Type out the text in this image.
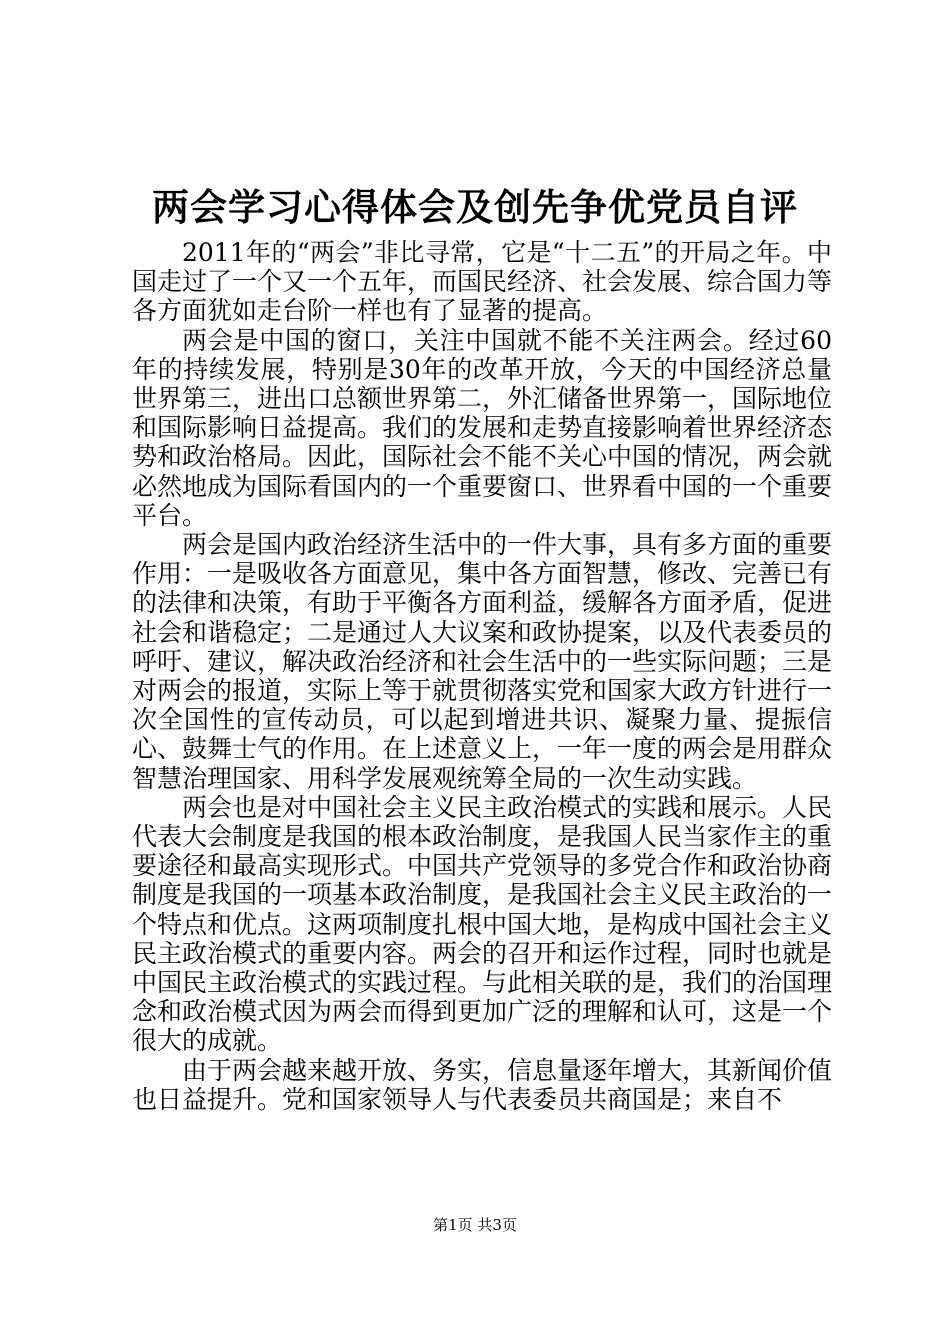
两会学习心得体会及创先争优党员自评

2011年的“两会”非比寻常，它是“十二五”的开局之年。中国走过了一个又一个五年，而国民经济、社会发展、综合国力等各方面犹如走台阶一样也有了显著的提高。

两会是中国的窗口，关注中国就不能不关注两会。经过60年的持续发展，特别是30年的改革开放，今天的中国经济总量世界第三，进出口总额世界第二，外汇储备世界第一，国际地位和国际影响日益提高。我们的发展和走势直接影响着世界经济态势和政治格局。因此，国际社会不能不关心中国的情况，两会就必然地成为国际看国内的一个重要窗口、世界看中国的一个重要平台。

两会是国内政治经济生活中的一件大事，具有多方面的重要作用：一是吸收各方面意见，集中各方面智慧，修改、完善已有的法律和决策，有助于平衡各方面利益，缓解各方面矛盾，促进社会和谐稳定；二是通过人大议案和政协提案，以及代表委员的呼吁、建议，解决政治经济和社会生活中的一些实际问题；三是对两会的报道，实际上等于就贯彻落实党和国家大政方针进行一次全国性的宣传动员，可以起到增进共识、凝聚力量、提振信心、鼓舞士气的作用。在上述意义上，一年一度的两会是用群众智慧治理国家、用科学发展观统筹全局的一次生动实践。

两会也是对中国社会主义民主政治模式的实践和展示。人民代表大会制度是我国的根本政治制度，是我国人民当家作主的重要途径和最高实现形式。中国共产党领导的多党合作和政治协商制度是我国的一项基本政治制度，是我国社会主义民主政治的一个特点和优点。这两项制度扎根中国大地，是构成中国社会主义民主政治模式的重要内容。两会的召开和运作过程，同时也就是中国民主政治模式的实践过程。与此相关联的是，我们的治国理念和政治模式因为两会而得到更加广泛的理解和认可，这是一个很大的成就。

由于两会越来越开放、务实，信息量逐年增大，其新闻价值也日益提升。党和国家领导人与代表委员共商国是；来自不

第1页 共3页
